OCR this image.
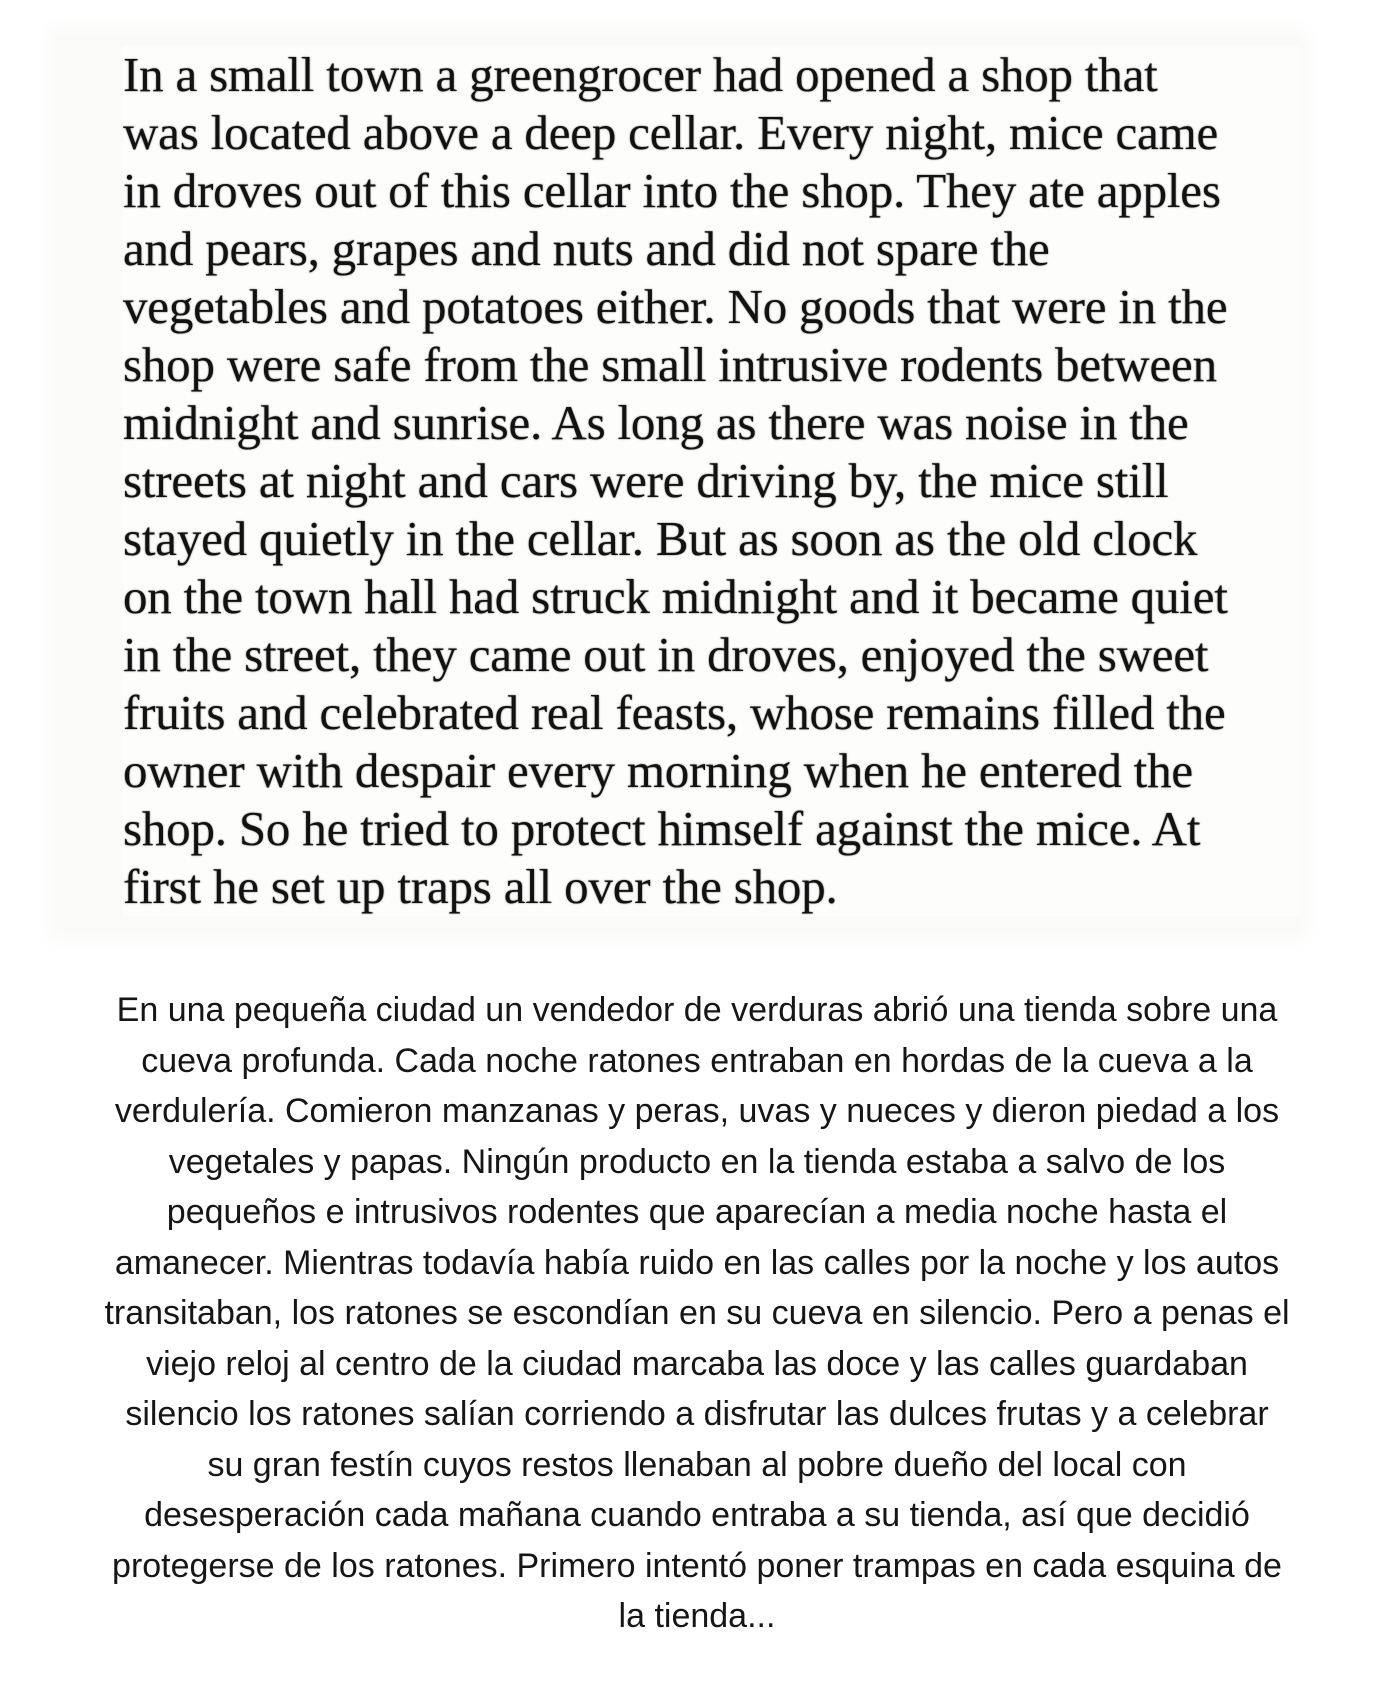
In a small town a greengrocer had opened a shop that
was located above a deep cellar. Every night, mice came
in droves out of this cellar into the shop. They ate apples
and pears, grapes and nuts and did not spare the
vegetables and potatoes either. No goods that were in the
shop were safe from the small intrusive rodents between
midnight and sunrise. As long as there was noise in the
streets at night and cars were driving by, the mice still
stayed quietly in the cellar. But as soon as the old clock
on the town hall had struck midnight and it became quiet
in the street, they came out in droves, enjoyed the sweet
fruits and celebrated real feasts, whose remains filled the
owner with despair every morning when he entered the
shop. So he tried to protect himself against the mice. At
first he set up traps all over the shop.
En una pequeña ciudad un vendedor de verduras abrió una tienda sobre una
cueva profunda. Cada noche ratones entraban en hordas de la cueva a la
verdulería. Comieron manzanas y peras, uvas y nueces y dieron piedad a los
vegetales y papas. Ningún producto en la tienda estaba a salvo de los
pequeños e intrusivos rodentes que aparecían a media noche hasta el
amanecer. Mientras todavía había ruido en las calles por la noche y los autos
transitaban, los ratones se escondían en su cueva en silencio. Pero a penas el
viejo reloj al centro de la ciudad marcaba las doce y las calles guardaban
silencio los ratones salían corriendo a disfrutar las dulces frutas y a celebrar
su gran festín cuyos restos llenaban al pobre dueño del local con
desesperación cada mañana cuando entraba a su tienda, así que decidió
protegerse de los ratones. Primero intentó poner trampas en cada esquina de
la tienda...
